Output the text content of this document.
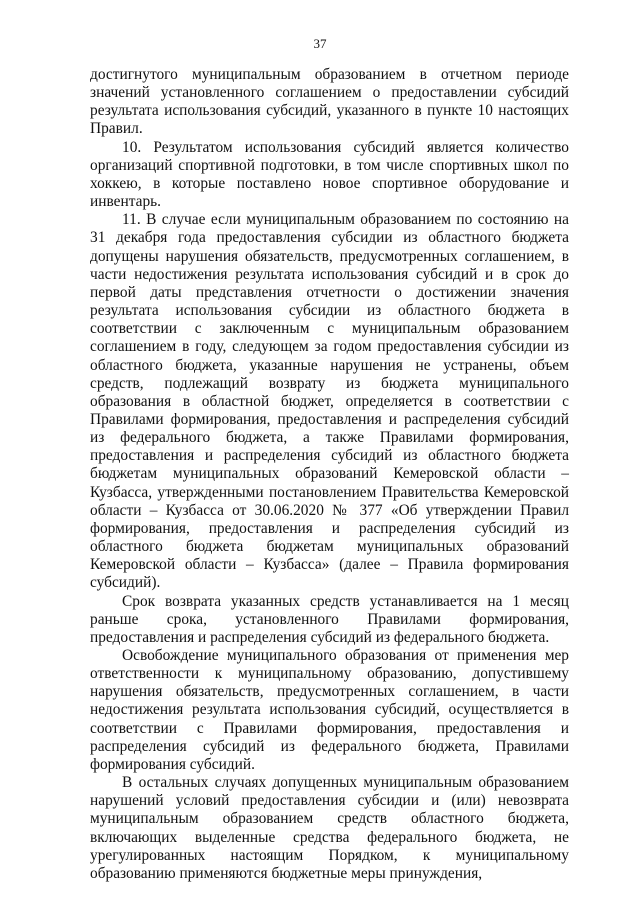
37

достигнутого муниципальным образованием в отчетном периоде значений установленного соглашением о предоставлении субсидий результата использования субсидий, указанного в пункте 10 настоящих Правил.

10. Результатом использования субсидий является количество организаций спортивной подготовки, в том числе спортивных школ по хоккею, в которые поставлено новое спортивное оборудование и инвентарь.

11. В случае если муниципальным образованием по состоянию на 31 декабря года предоставления субсидии из областного бюджета допущены нарушения обязательств, предусмотренных соглашением, в части недостижения результата использования субсидий и в срок до первой даты представления отчетности о достижении значения результата использования субсидии из областного бюджета в соответствии с заключенным с муниципальным образованием соглашением в году, следующем за годом предоставления субсидии из областного бюджета, указанные нарушения не устранены, объем средств, подлежащий возврату из бюджета муниципального образования в областной бюджет, определяется в соответствии с Правилами формирования, предоставления и распределения субсидий из федерального бюджета, а также Правилами формирования, предоставления и распределения субсидий из областного бюджета бюджетам муниципальных образований Кемеровской области – Кузбасса, утвержденными постановлением Правительства Кемеровской области – Кузбасса от 30.06.2020 № 377 «Об утверждении Правил формирования, предоставления и распределения субсидий из областного бюджета бюджетам муниципальных образований Кемеровской области – Кузбасса» (далее – Правила формирования субсидий).

Срок возврата указанных средств устанавливается на 1 месяц раньше срока, установленного Правилами формирования, предоставления и распределения субсидий из федерального бюджета.

Освобождение муниципального образования от применения мер ответственности к муниципальному образованию, допустившему нарушения обязательств, предусмотренных соглашением, в части недостижения результата использования субсидий, осуществляется в соответствии с Правилами формирования, предоставления и распределения субсидий из федерального бюджета, Правилами формирования субсидий.

В остальных случаях допущенных муниципальным образованием нарушений условий предоставления субсидии и (или) невозврата муниципальным образованием средств областного бюджета, включающих выделенные средства федерального бюджета, не урегулированных настоящим Порядком, к муниципальному образованию применяются бюджетные меры принуждения,
